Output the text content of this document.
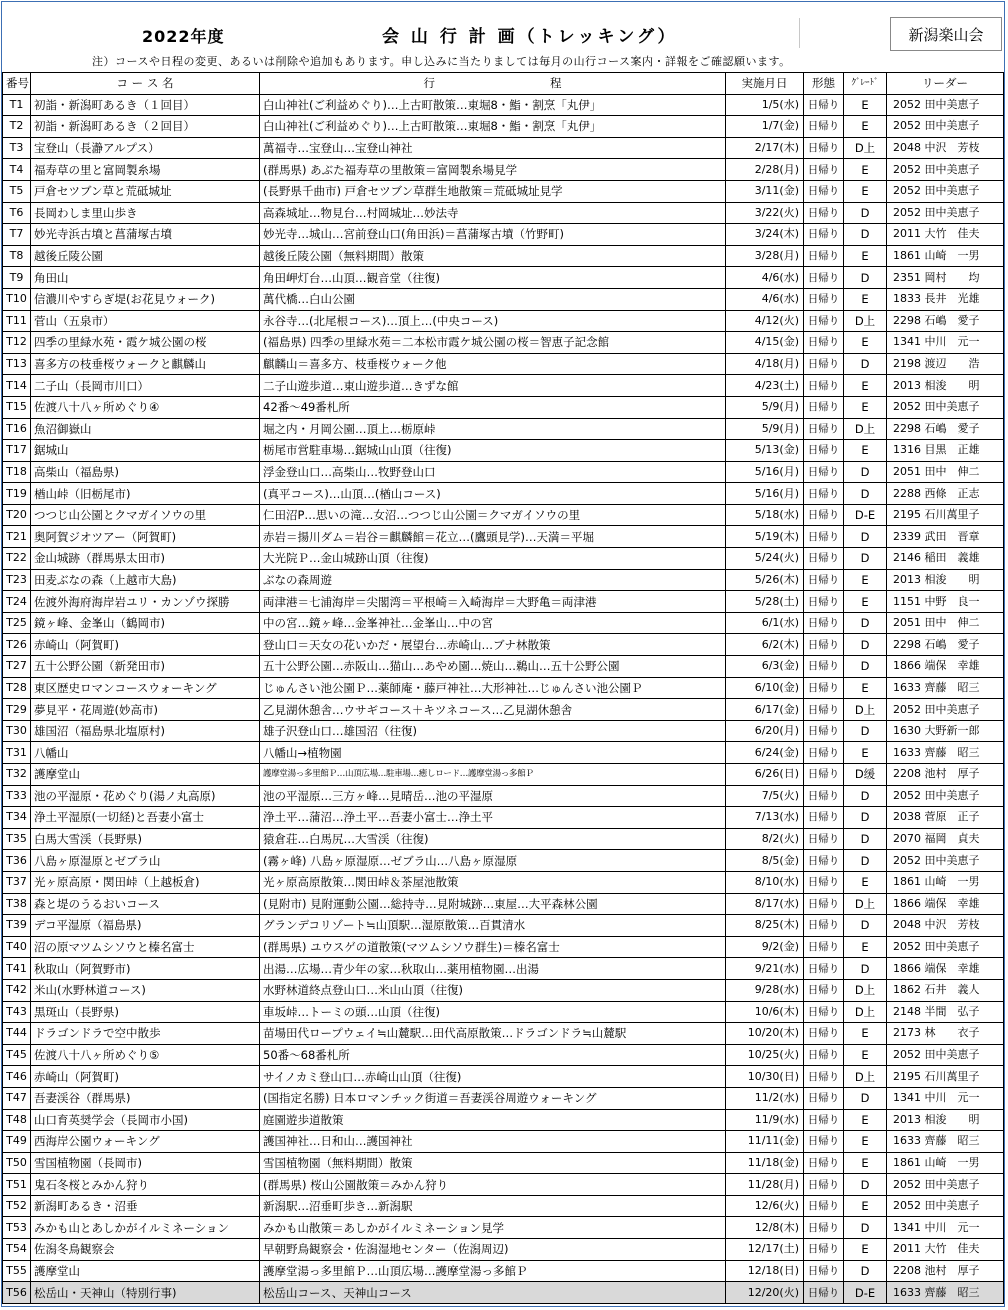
2022年度	会 山 行 計 画（トレッキング）	新潟楽山会
注）コースや日程の変更、あるいは削除や追加もあります。申し込みに当たりましては毎月の山行コース案内・詳報をご確認願います。
番号	コ ー ス 名	行　　　　　　　　　　程	実施月日	形態	ｸﾞﾚｰﾄﾞ	リーダー
T1	初詣・新潟町あるき（１回目）	白山神社(ご利益めぐり)…上古町散策…東堀8・鮨・割烹「丸伊」	1/5(水)	日帰り	E	2052 田中美恵子
T2	初詣・新潟町あるき（２回目）	白山神社(ご利益めぐり)…上古町散策…東堀8・鮨・割烹「丸伊」	1/7(金)	日帰り	E	2052 田中美恵子
T3	宝登山（長瀞アルプス）	萬福寺…宝登山…宝登山神社	2/17(木)	日帰り	D上	2048 中沢　芳枝
T4	福寿草の里と富岡製糸場	(群馬県) あぶた福寿草の里散策＝富岡製糸場見学	2/28(月)	日帰り	E	2052 田中美恵子
T5	戸倉セツブン草と荒砥城址	(長野県千曲市) 戸倉セツブン草群生地散策＝荒砥城址見学	3/11(金)	日帰り	E	2052 田中美恵子
T6	長岡わしま里山歩き	高森城址…物見台…村岡城址…妙法寺	3/22(火)	日帰り	D	2052 田中美恵子
T7	妙光寺浜古墳と菖蒲塚古墳	妙光寺…城山…宮前登山口(角田浜)＝菖蒲塚古墳（竹野町)	3/24(木)	日帰り	D	2011 大竹　佳夫
T8	越後丘陵公園	越後丘陵公園（無料期間）散策	3/28(月)	日帰り	E	1861 山崎　一男
T9	角田山	角田岬灯台…山頂…観音堂（往復)	4/6(水)	日帰り	D	2351 岡村　　均
T10	信濃川やすらぎ堤(お花見ウォーク)	萬代橋…白山公園	4/6(水)	日帰り	E	1833 長井　光雄
T11	菅山（五泉市）	永谷寺…(北尾根コース)…頂上…(中央コース)	4/12(火)	日帰り	D上	2298 石嶋　愛子
T12	四季の里緑水苑・霞ケ城公園の桜	(福島県) 四季の里緑水苑＝二本松市霞ケ城公園の桜＝智恵子記念館	4/15(金)	日帰り	E	1341 中川　元一
T13	喜多方の枝垂桜ウォークと麒麟山	麒麟山＝喜多方、枝垂桜ウォーク他	4/18(月)	日帰り	D	2198 渡辺　　浩
T14	二子山（長岡市川口）	二子山遊歩道…東山遊歩道…きずな館	4/23(土)	日帰り	E	2013 相浚　　明
T15	佐渡八十八ヶ所めぐり④	42番～49番札所	5/9(月)	日帰り	E	2052 田中美恵子
T16	魚沼御嶽山	堀之内・月岡公園…頂上…栃原峠	5/9(月)	日帰り	D上	2298 石嶋　愛子
T17	鋸城山	栃尾市営駐車場…鋸城山山頂（往復)	5/13(金)	日帰り	E	1316 目黒　正雄
T18	高柴山（福島県)	浮金登山口…高柴山…牧野登山口	5/16(月)	日帰り	D	2051 田中　伸二
T19	楢山峠（旧栃尾市)	(真平コース)…山頂…(楢山コース)	5/16(月)	日帰り	D	2288 西條　正志
T20	つつじ山公園とクマガイソウの里	仁田沼P…思いの滝…女沼…つつじ山公園＝クマガイソウの里	5/18(水)	日帰り	D-E	2195 石川萬里子
T21	奥阿賀ジオツアー（阿賀町)	赤岩＝揚川ダム＝岩谷＝麒麟館＝花立…(鷹頭見学)…天満＝平堀	5/19(木)	日帰り	D	2339 武田　晋章
T22	金山城跡（群馬県太田市)	大光院Ｐ…金山城跡山頂（往復)	5/24(火)	日帰り	D	2146 稲田　義雄
T23	田麦ぶなの森（上越市大島)	ぶなの森周遊	5/26(木)	日帰り	E	2013 相浚　　明
T24	佐渡外海府海岸岩ユリ・カンゾウ探勝	両津港＝七浦海岸＝尖閣湾＝平根崎＝入崎海岸＝大野亀＝両津港	5/28(土)	日帰り	E	1151 中野　良一
T25	鏡ヶ峰、金峯山（鶴岡市)	中の宮…鏡ヶ峰…金峯神社…金峯山…中の宮	6/1(水)	日帰り	D	2051 田中　伸二
T26	赤崎山（阿賀町)	登山口＝天女の花いかだ・展望台…赤崎山…ブナ林散策	6/2(木)	日帰り	D	2298 石嶋　愛子
T27	五十公野公園（新発田市)	五十公野公園…赤阪山…猫山…あやめ園…焼山…鵜山…五十公野公園	6/3(金)	日帰り	D	1866 端保　幸雄
T28	東区歴史ロマンコースウォーキング	じゅんさい池公園Ｐ…薬師庵・藤戸神社…大形神社…じゅんさい池公園Ｐ	6/10(金)	日帰り	E	1633 齊藤　昭三
T29	夢見平・花周遊(妙高市)	乙見湖休憩舎…ウサギコース＋キツネコース…乙見湖休憩舎	6/17(金)	日帰り	D上	2052 田中美恵子
T30	雄国沼（福島県北塩原村)	雄子沢登山口…雄国沼（往復)	6/20(月)	日帰り	D	1630 大野新一郎
T31	八幡山	八幡山→植物園	6/24(金)	日帰り	E	1633 齊藤　昭三
T32	護摩堂山	護摩堂湯っ多里館Ｐ…山頂広場…駐車場…癒しロード…護摩堂湯っ多館Ｐ	6/26(日)	日帰り	D缓	2208 池村　厚子
T33	池の平湿原・花めぐり(湯ノ丸高原)	池の平湿原…三方ヶ峰…見晴岳…池の平湿原	7/5(火)	日帰り	D	2052 田中美恵子
T34	浄土平湿原(一切経)と吾妻小富士	浄土平…蒲沼…浄土平…吾妻小富士…浄土平	7/13(水)	日帰り	D	2038 菅原　正子
T35	白馬大雪渓（長野県)	猿倉荘…白馬尻…大雪渓（往復)	8/2(火)	日帰り	D	2070 福岡　貞夫
T36	八島ヶ原湿原とゼブラ山	(霧ヶ峰) 八島ヶ原湿原…ゼブラ山…八島ヶ原湿原	8/5(金)	日帰り	D	2052 田中美恵子
T37	光ヶ原高原・関田峠（上越板倉)	光ヶ原高原散策…関田峠＆茶屋池散策	8/10(水)	日帰り	E	1861 山崎　一男
T38	森と堤のうるおいコース	(見附市) 見附運動公園…総持寺…見附城跡…東屋…大平森林公園	8/17(水)	日帰り	D上	1866 端保　幸雄
T39	デコ平湿原（福島県)	グランデコリゾート≒山頂駅…湿原散策…百貫清水	8/25(木)	日帰り	D	2048 中沢　芳枝
T40	沼の原マツムシソウと榛名富士	(群馬県) ユウスゲの道散策(マツムシソウ群生)＝榛名富士	9/2(金)	日帰り	E	2052 田中美恵子
T41	秋取山（阿賀野市)	出湯…広場…青少年の家…秋取山…薬用植物園…出湯	9/21(水)	日帰り	D	1866 端保　幸雄
T42	米山(水野林道コース)	水野林道終点登山口…米山山頂（往復)	9/28(水)	日帰り	D上	1862 石井　義人
T43	黒斑山（長野県)	車坂峠…トーミの頭…山頂（往復)	10/6(木)	日帰り	D上	2148 半間　弘子
T44	ドラゴンドラで空中散歩	苗場田代ロープウェイ≒山麓駅…田代高原散策…ドラゴンドラ≒山麓駅	10/20(木)	日帰り	E	2173 林　　衣子
T45	佐渡八十八ヶ所めぐり⑤	50番～68番札所	10/25(火)	日帰り	E	2052 田中美恵子
T46	赤崎山（阿賀町)	サイノカミ登山口…赤崎山山頂（往復)	10/30(日)	日帰り	D上	2195 石川萬里子
T47	吾妻渓谷（群馬県)	(国指定名勝) 日本ロマンチック街道＝吾妻渓谷周遊ウォーキング	11/2(水)	日帰り	D	1341 中川　元一
T48	山口育英奨学会（長岡市小国)	庭園遊歩道散策	11/9(水)	日帰り	E	2013 相浚　　明
T49	西海岸公園ウォーキング	護国神社…日和山…護国神社	11/11(金)	日帰り	E	1633 齊藤　昭三
T50	雪国植物園（長岡市)	雪国植物園（無料期間）散策	11/18(金)	日帰り	E	1861 山崎　一男
T51	鬼石冬桜とみかん狩り	(群馬県) 桜山公園散策＝みかん狩り	11/28(月)	日帰り	D	2052 田中美恵子
T52	新潟町あるき・沼垂	新潟駅…沼垂町歩き…新潟駅	12/6(火)	日帰り	E	2052 田中美恵子
T53	みかも山とあしかがイルミネーション	みかも山散策＝あしかがイルミネーション見学	12/8(木)	日帰り	D	1341 中川　元一
T54	佐潟冬鳥観察会	早朝野鳥観察会・佐潟湿地センター（佐潟周辺)	12/17(土)	日帰り	E	2011 大竹　佳夫
T55	護摩堂山	護摩堂湯っ多里館Ｐ…山頂広場…護摩堂湯っ多館Ｐ	12/18(日)	日帰り	D	2208 池村　厚子
T56	松岳山・天神山（特別行事)	松岳山コース、天神山コース	12/20(火)	日帰り	D-E	1633 齊藤　昭三
